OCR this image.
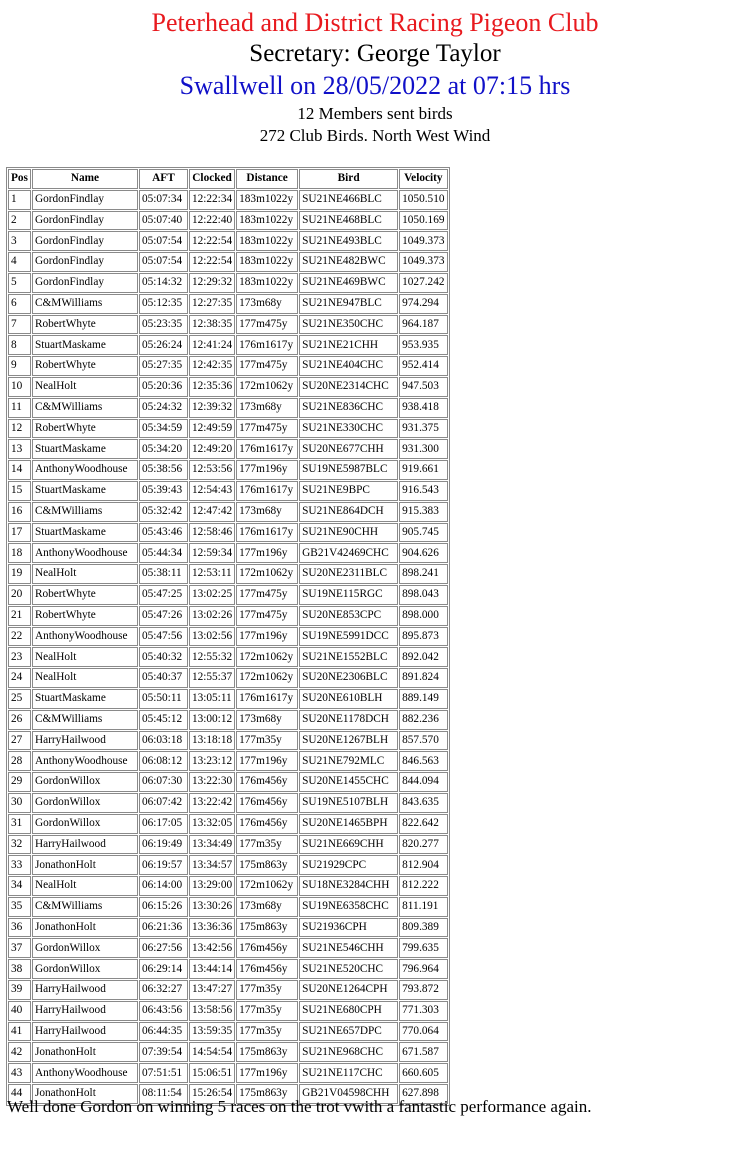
Peterhead and District Racing Pigeon Club
Secretary: George Taylor
Swallwell on 28/05/2022 at 07:15 hrs
12 Members sent birds
272 Club Birds. North West Wind
Pos	Name	AFT	Clocked	Distance	Bird	Velocity
1	GordonFindlay	05:07:34	12:22:34	183m1022y	SU21NE466BLC	1050.510
2	GordonFindlay	05:07:40	12:22:40	183m1022y	SU21NE468BLC	1050.169
3	GordonFindlay	05:07:54	12:22:54	183m1022y	SU21NE493BLC	1049.373
4	GordonFindlay	05:07:54	12:22:54	183m1022y	SU21NE482BWC	1049.373
5	GordonFindlay	05:14:32	12:29:32	183m1022y	SU21NE469BWC	1027.242
6	C&MWilliams	05:12:35	12:27:35	173m68y	SU21NE947BLC	974.294
7	RobertWhyte	05:23:35	12:38:35	177m475y	SU21NE350CHC	964.187
8	StuartMaskame	05:26:24	12:41:24	176m1617y	SU21NE21CHH	953.935
9	RobertWhyte	05:27:35	12:42:35	177m475y	SU21NE404CHC	952.414
10	NealHolt	05:20:36	12:35:36	172m1062y	SU20NE2314CHC	947.503
11	C&MWilliams	05:24:32	12:39:32	173m68y	SU21NE836CHC	938.418
12	RobertWhyte	05:34:59	12:49:59	177m475y	SU21NE330CHC	931.375
13	StuartMaskame	05:34:20	12:49:20	176m1617y	SU20NE677CHH	931.300
14	AnthonyWoodhouse	05:38:56	12:53:56	177m196y	SU19NE5987BLC	919.661
15	StuartMaskame	05:39:43	12:54:43	176m1617y	SU21NE9BPC	916.543
16	C&MWilliams	05:32:42	12:47:42	173m68y	SU21NE864DCH	915.383
17	StuartMaskame	05:43:46	12:58:46	176m1617y	SU21NE90CHH	905.745
18	AnthonyWoodhouse	05:44:34	12:59:34	177m196y	GB21V42469CHC	904.626
19	NealHolt	05:38:11	12:53:11	172m1062y	SU20NE2311BLC	898.241
20	RobertWhyte	05:47:25	13:02:25	177m475y	SU19NE115RGC	898.043
21	RobertWhyte	05:47:26	13:02:26	177m475y	SU20NE853CPC	898.000
22	AnthonyWoodhouse	05:47:56	13:02:56	177m196y	SU19NE5991DCC	895.873
23	NealHolt	05:40:32	12:55:32	172m1062y	SU21NE1552BLC	892.042
24	NealHolt	05:40:37	12:55:37	172m1062y	SU20NE2306BLC	891.824
25	StuartMaskame	05:50:11	13:05:11	176m1617y	SU20NE610BLH	889.149
26	C&MWilliams	05:45:12	13:00:12	173m68y	SU20NE1178DCH	882.236
27	HarryHailwood	06:03:18	13:18:18	177m35y	SU20NE1267BLH	857.570
28	AnthonyWoodhouse	06:08:12	13:23:12	177m196y	SU21NE792MLC	846.563
29	GordonWillox	06:07:30	13:22:30	176m456y	SU20NE1455CHC	844.094
30	GordonWillox	06:07:42	13:22:42	176m456y	SU19NE5107BLH	843.635
31	GordonWillox	06:17:05	13:32:05	176m456y	SU20NE1465BPH	822.642
32	HarryHailwood	06:19:49	13:34:49	177m35y	SU21NE669CHH	820.277
33	JonathonHolt	06:19:57	13:34:57	175m863y	SU21929CPC	812.904
34	NealHolt	06:14:00	13:29:00	172m1062y	SU18NE3284CHH	812.222
35	C&MWilliams	06:15:26	13:30:26	173m68y	SU19NE6358CHC	811.191
36	JonathonHolt	06:21:36	13:36:36	175m863y	SU21936CPH	809.389
37	GordonWillox	06:27:56	13:42:56	176m456y	SU21NE546CHH	799.635
38	GordonWillox	06:29:14	13:44:14	176m456y	SU21NE520CHC	796.964
39	HarryHailwood	06:32:27	13:47:27	177m35y	SU20NE1264CPH	793.872
40	HarryHailwood	06:43:56	13:58:56	177m35y	SU21NE680CPH	771.303
41	HarryHailwood	06:44:35	13:59:35	177m35y	SU21NE657DPC	770.064
42	JonathonHolt	07:39:54	14:54:54	175m863y	SU21NE968CHC	671.587
43	AnthonyWoodhouse	07:51:51	15:06:51	177m196y	SU21NE117CHC	660.605
44	JonathonHolt	08:11:54	15:26:54	175m863y	GB21V04598CHH	627.898
Well done Gordon on winning 5 races on the trot vwith a fantastic performance again.
